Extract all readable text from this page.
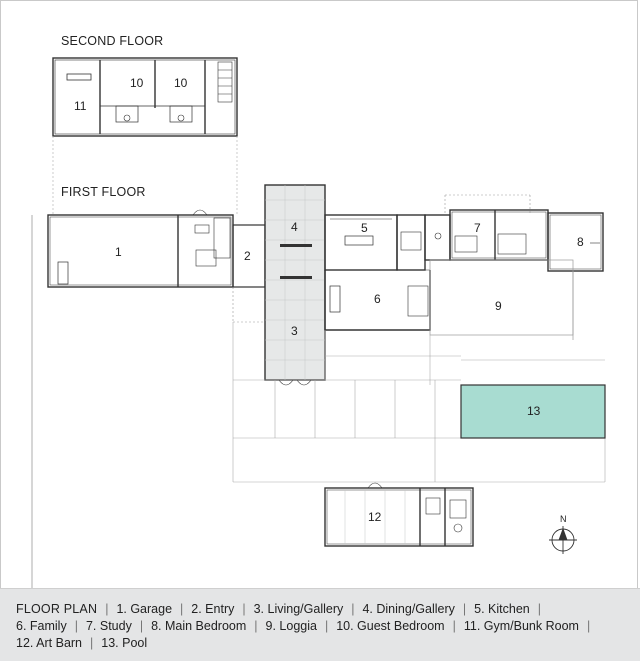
SECOND FLOOR
FIRST FLOOR
11
10	10
1	2
4
3
5
6
7
8
9
13
12	N
FLOOR PLAN | 1. Garage | 2. Entry | 3. Living/Gallery | 4. Dining/Gallery | 5. Kitchen |
6. Family | 7. Study | 8. Main Bedroom | 9. Loggia | 10. Guest Bedroom | 11. Gym/Bunk Room |
12. Art Barn | 13. Pool
